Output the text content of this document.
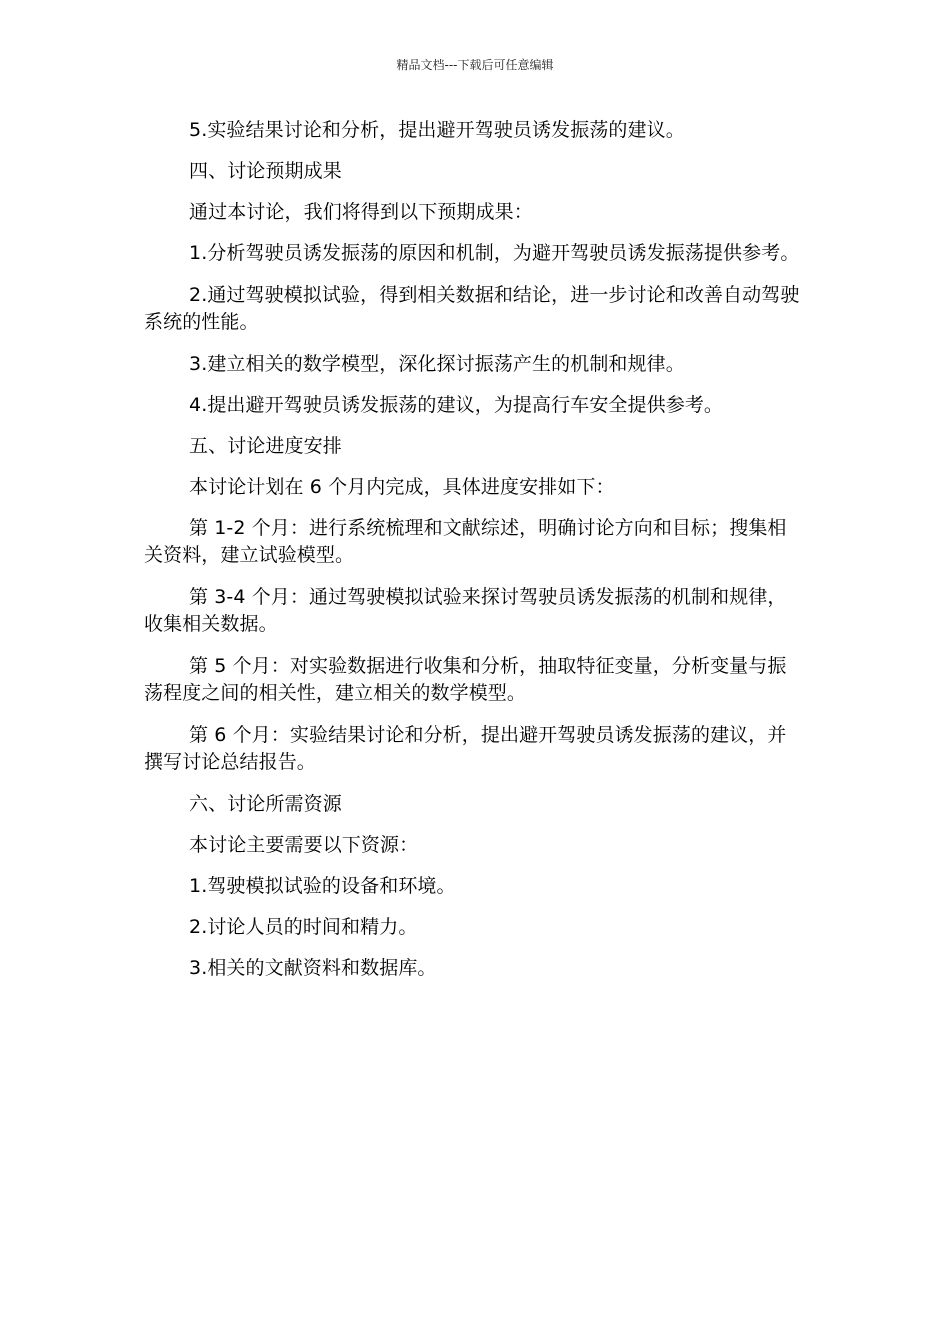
精品文档---下载后可任意编辑

5.实验结果讨论和分析，提出避开驾驶员诱发振荡的建议。

四、讨论预期成果

通过本讨论，我们将得到以下预期成果：

1.分析驾驶员诱发振荡的原因和机制，为避开驾驶员诱发振荡提供参考。

2.通过驾驶模拟试验，得到相关数据和结论，进一步讨论和改善自动驾驶系统的性能。

3.建立相关的数学模型，深化探讨振荡产生的机制和规律。

4.提出避开驾驶员诱发振荡的建议，为提高行车安全提供参考。

五、讨论进度安排

本讨论计划在 6 个月内完成，具体进度安排如下：

第 1-2 个月：进行系统梳理和文献综述，明确讨论方向和目标；搜集相关资料，建立试验模型。

第 3-4 个月：通过驾驶模拟试验来探讨驾驶员诱发振荡的机制和规律，收集相关数据。

第 5 个月：对实验数据进行收集和分析，抽取特征变量，分析变量与振荡程度之间的相关性，建立相关的数学模型。

第 6 个月：实验结果讨论和分析，提出避开驾驶员诱发振荡的建议，并撰写讨论总结报告。

六、讨论所需资源

本讨论主要需要以下资源：

1.驾驶模拟试验的设备和环境。

2.讨论人员的时间和精力。

3.相关的文献资料和数据库。
